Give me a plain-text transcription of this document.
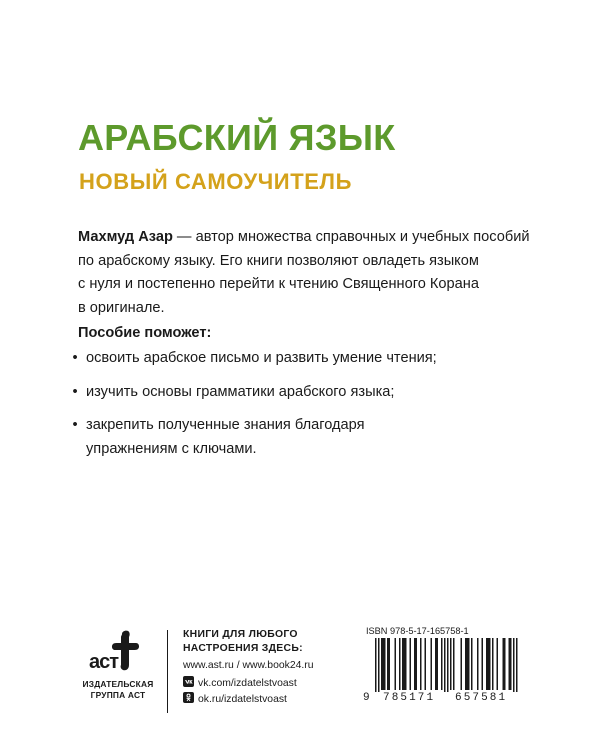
АРАБСКИЙ ЯЗЫК
НОВЫЙ САМОУЧИТЕЛЬ
Махмуд Азар — автор множества справочных и учебных пособий
по арабскому языку. Его книги позволяют овладеть языком
с нуля и постепенно перейти к чтению Священного Корана
в оригинале.
Пособие поможет:
• освоить арабское письмо и развить умение чтения;
• изучить основы грамматики арабского языка;
• закрепить полученные знания благодаря
упражнениям с ключами.
аст
ИЗДАТЕЛЬСКАЯ
ГРУППА АСТ
КНИГИ ДЛЯ ЛЮБОГО
НАСТРОЕНИЯ ЗДЕСЬ:
www.ast.ru / www.book24.ru
vk.com/izdatelstvoast
ok.ru/izdatelstvoast
ISBN 978-5-17-165758-1
9 785171 657581
